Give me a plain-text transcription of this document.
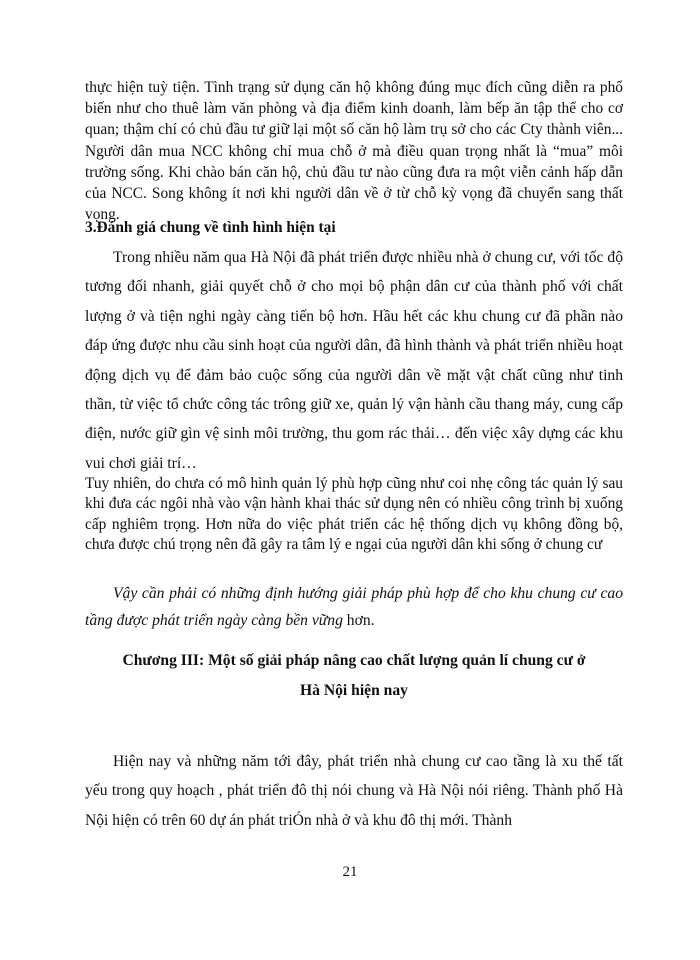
thực hiện tuỳ tiện. Tình trạng sử dụng căn hộ không đúng mục đích cũng diễn ra phổ biến như cho thuê làm văn phòng và địa điểm kinh doanh, làm bếp ăn tập thể cho cơ quan; thậm chí có chủ đầu tư giữ lại một số căn hộ làm trụ sở cho các Cty thành viên... Người dân mua NCC không chỉ mua chỗ ở mà điều quan trọng nhất là “mua” môi trường sống. Khi chào bán căn hộ, chủ đầu tư nào cũng đưa ra một viễn cảnh hấp dẫn của NCC. Song không ít nơi khi người dân về ở từ chỗ kỳ vọng đã chuyển sang thất vọng.

3.Đánh giá chung về tình hình hiện tại

Trong nhiều năm qua Hà Nội đã phát triển được nhiều nhà ở chung cư, với tốc độ tương đối nhanh, giải quyết chỗ ở cho mọi bộ phận dân cư của thành phố với chất lượng ở và tiện nghi ngày càng tiến bộ hơn. Hầu hết các khu chung cư đã phần nào đáp ứng được nhu cầu sinh hoạt của người dân, đã hình thành và phát triển nhiều hoạt động dịch vụ để đảm bảo cuộc sống của người dân về mặt vật chất cũng như tinh thần, từ việc tổ chức công tác trông giữ xe, quản lý vận hành cầu thang máy, cung cấp điện, nước giữ gìn vệ sinh môi trường, thu gom rác thải… đến việc xây dựng các khu vui chơi giải trí…

Tuy nhiên, do chưa có mô hình quản lý phù hợp cũng như coi nhẹ công tác quản lý sau khi đưa các ngôi nhà vào vận hành khai thác sử dụng nên có nhiều công trình bị xuống cấp nghiêm trọng. Hơn nữa do việc phát triển các hệ thống dịch vụ không đồng bộ, chưa được chú trọng nên đã gây ra tâm lý e ngại của người dân khi sống ở chung cư

Vậy cần phải có những định hướng giải pháp phù hợp để cho khu chung cư cao tầng được phát triển ngày càng bền vững hơn.

Chương III: Một số giải pháp nâng cao chất lượng quản lí chung cư ở
Hà Nội hiện nay

Hiện nay và những năm tới đây, phát triển nhà chung cư cao tầng là xu thế tất yếu trong quy hoạch , phát triển đô thị nói chung và Hà Nội nói riêng. Thành phố Hà Nội hiện có trên 60 dự án phát triÓn nhà ở và khu đô thị mới. Thành

21
